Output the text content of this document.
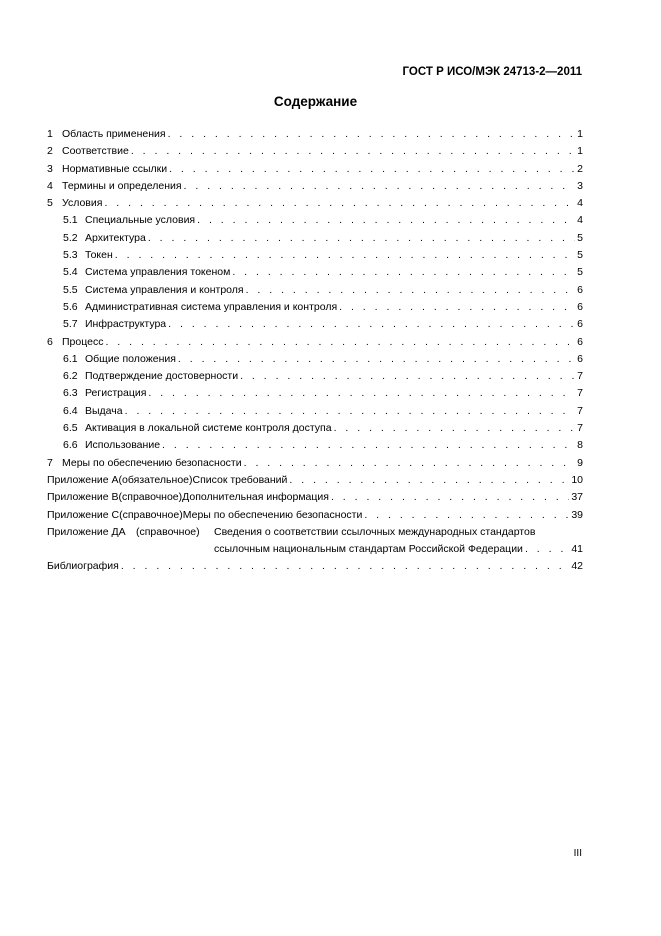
ГОСТ Р ИСО/МЭК 24713-2—2011
Содержание
1 Область применения . . .	1
2 Соответствие . . .	1
3 Нормативные ссылки . . .	2
4 Термины и определения . . .	3
5 Условия . . .	4
5.1 Специальные условия . . .	4
5.2 Архитектура . . .	5
5.3 Токен . . .	5
5.4 Система управления токеном . . .	5
5.5 Система управления и контроля . . .	6
5.6 Административная система управления и контроля . . .	6
5.7 Инфраструктура . . .	6
6 Процесс . . .	6
6.1 Общие положения . . .	6
6.2 Подтверждение достоверности . . .	7
6.3 Регистрация . . .	7
6.4 Выдача . . .	7
6.5 Активация в локальной системе контроля доступа . . .	7
6.6 Использование . . .	8
7 Меры по обеспечению безопасности . . .	9
Приложение А (обязательное) Список требований . . .	10
Приложение В (справочное) Дополнительная информация . . .	37
Приложение С (справочное) Меры по обеспечению безопасности . . .	39
Приложение ДА (справочное)	Сведения о соответствии ссылочных международных стандартов
ссылочным национальным стандартам Российской Федерации . . .	41
Библиография . . .	42
III
